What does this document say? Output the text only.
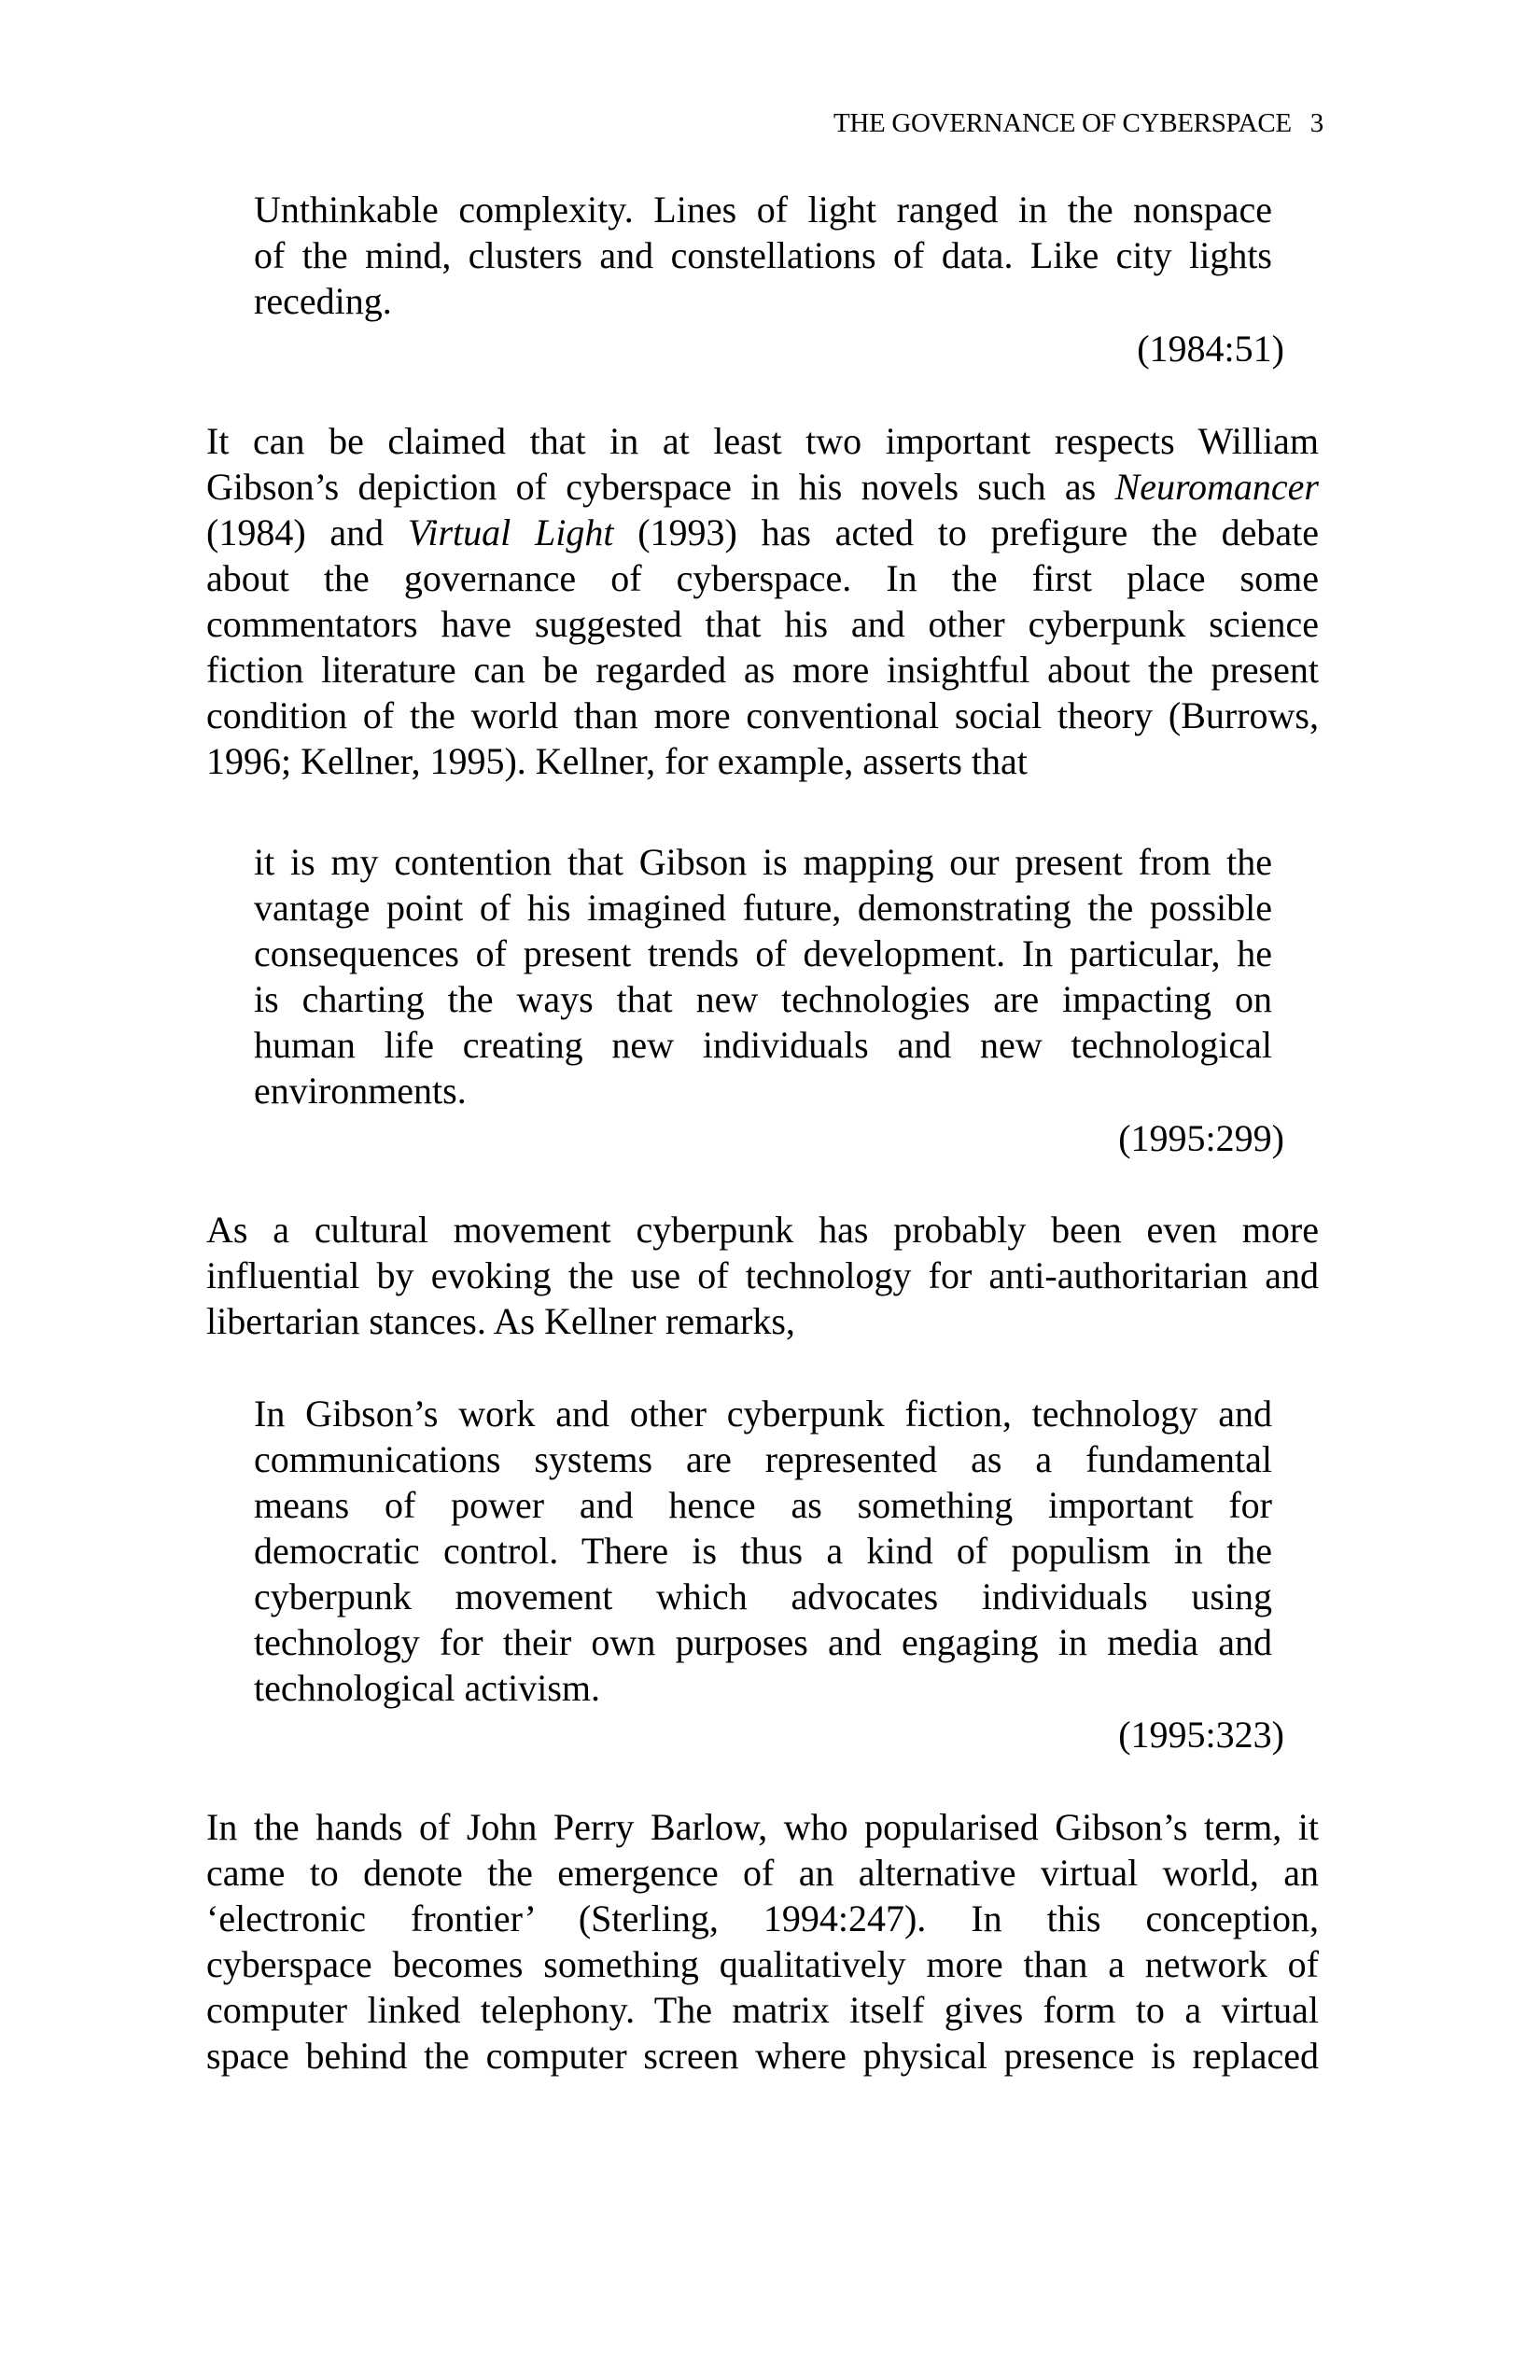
THE GOVERNANCE OF CYBERSPACE 3
Unthinkable complexity. Lines of light ranged in the nonspace
of the mind, clusters and constellations of data. Like city lights
receding.
(1984:51)
It can be claimed that in at least two important respects William
Gibson’s depiction of cyberspace in his novels such as Neuromancer
(1984) and Virtual Light (1993) has acted to prefigure the debate
about the governance of cyberspace. In the first place some
commentators have suggested that his and other cyberpunk science
fiction literature can be regarded as more insightful about the present
condition of the world than more conventional social theory (Burrows,
1996; Kellner, 1995). Kellner, for example, asserts that
it is my contention that Gibson is mapping our present from the
vantage point of his imagined future, demonstrating the possible
consequences of present trends of development. In particular, he
is charting the ways that new technologies are impacting on
human life creating new individuals and new technological
environments.
(1995:299)
As a cultural movement cyberpunk has probably been even more
influential by evoking the use of technology for anti-authoritarian and
libertarian stances. As Kellner remarks,
In Gibson’s work and other cyberpunk fiction, technology and
communications systems are represented as a fundamental
means of power and hence as something important for
democratic control. There is thus a kind of populism in the
cyberpunk movement which advocates individuals using
technology for their own purposes and engaging in media and
technological activism.
(1995:323)
In the hands of John Perry Barlow, who popularised Gibson’s term, it
came to denote the emergence of an alternative virtual world, an
‘electronic frontier’ (Sterling, 1994:247). In this conception,
cyberspace becomes something qualitatively more than a network of
computer linked telephony. The matrix itself gives form to a virtual
space behind the computer screen where physical presence is replaced
